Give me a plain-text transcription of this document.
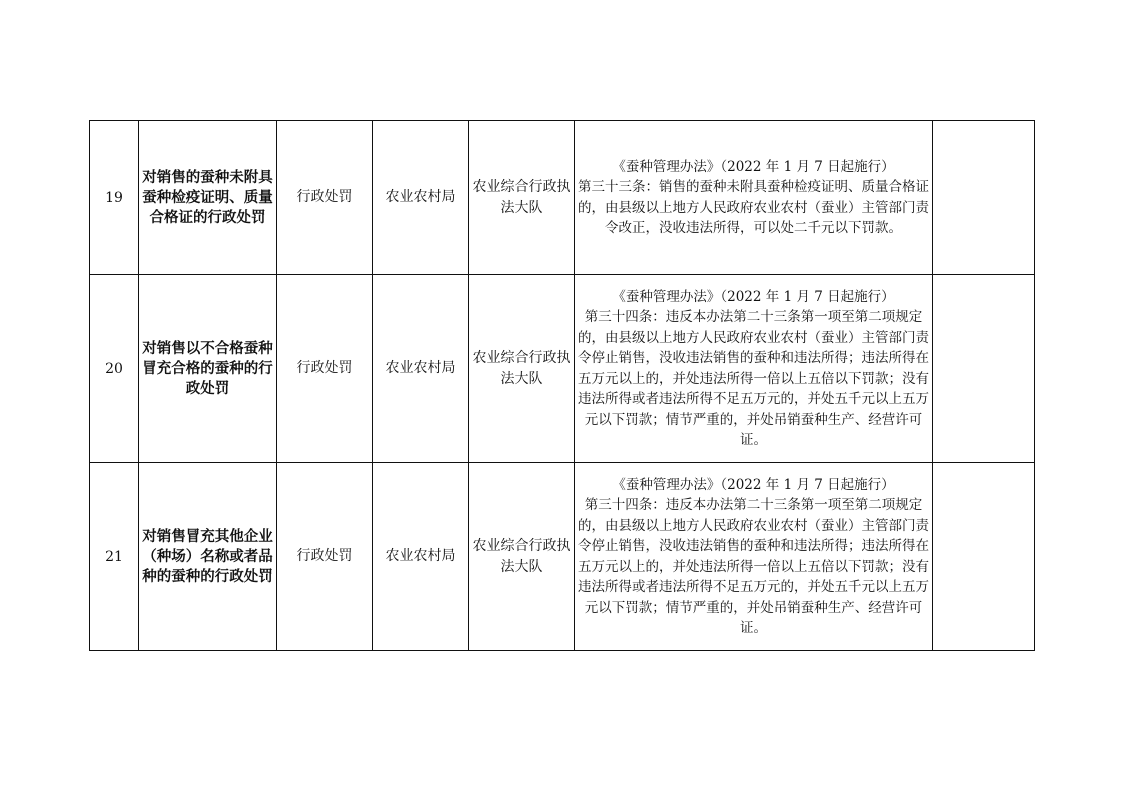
19	对销售的蚕种未附具蚕种检疫证明、质量合格证的行政处罚	行政处罚	农业农村局	农业综合行政执法大队	《蚕种管理办法》（2022 年 1 月 7 日起施行）
第三十三条：销售的蚕种未附具蚕种检疫证明、质量合格证的，由县级以上地方人民政府农业农村（蚕业）主管部门责令改正，没收违法所得，可以处二千元以下罚款。	

20	对销售以不合格蚕种冒充合格的蚕种的行政处罚	行政处罚	农业农村局	农业综合行政执法大队	《蚕种管理办法》（2022 年 1 月 7 日起施行）
第三十四条：违反本办法第二十三条第一项至第二项规定的，由县级以上地方人民政府农业农村（蚕业）主管部门责令停止销售，没收违法销售的蚕种和违法所得；违法所得在五万元以上的，并处违法所得一倍以上五倍以下罚款；没有违法所得或者违法所得不足五万元的，并处五千元以上五万元以下罚款；情节严重的，并处吊销蚕种生产、经营许可证。	

21	对销售冒充其他企业（种场）名称或者品种的蚕种的行政处罚	行政处罚	农业农村局	农业综合行政执法大队	《蚕种管理办法》（2022 年 1 月 7 日起施行）
第三十四条：违反本办法第二十三条第一项至第二项规定的，由县级以上地方人民政府农业农村（蚕业）主管部门责令停止销售，没收违法销售的蚕种和违法所得；违法所得在五万元以上的，并处违法所得一倍以上五倍以下罚款；没有违法所得或者违法所得不足五万元的，并处五千元以上五万元以下罚款；情节严重的，并处吊销蚕种生产、经营许可证。	
